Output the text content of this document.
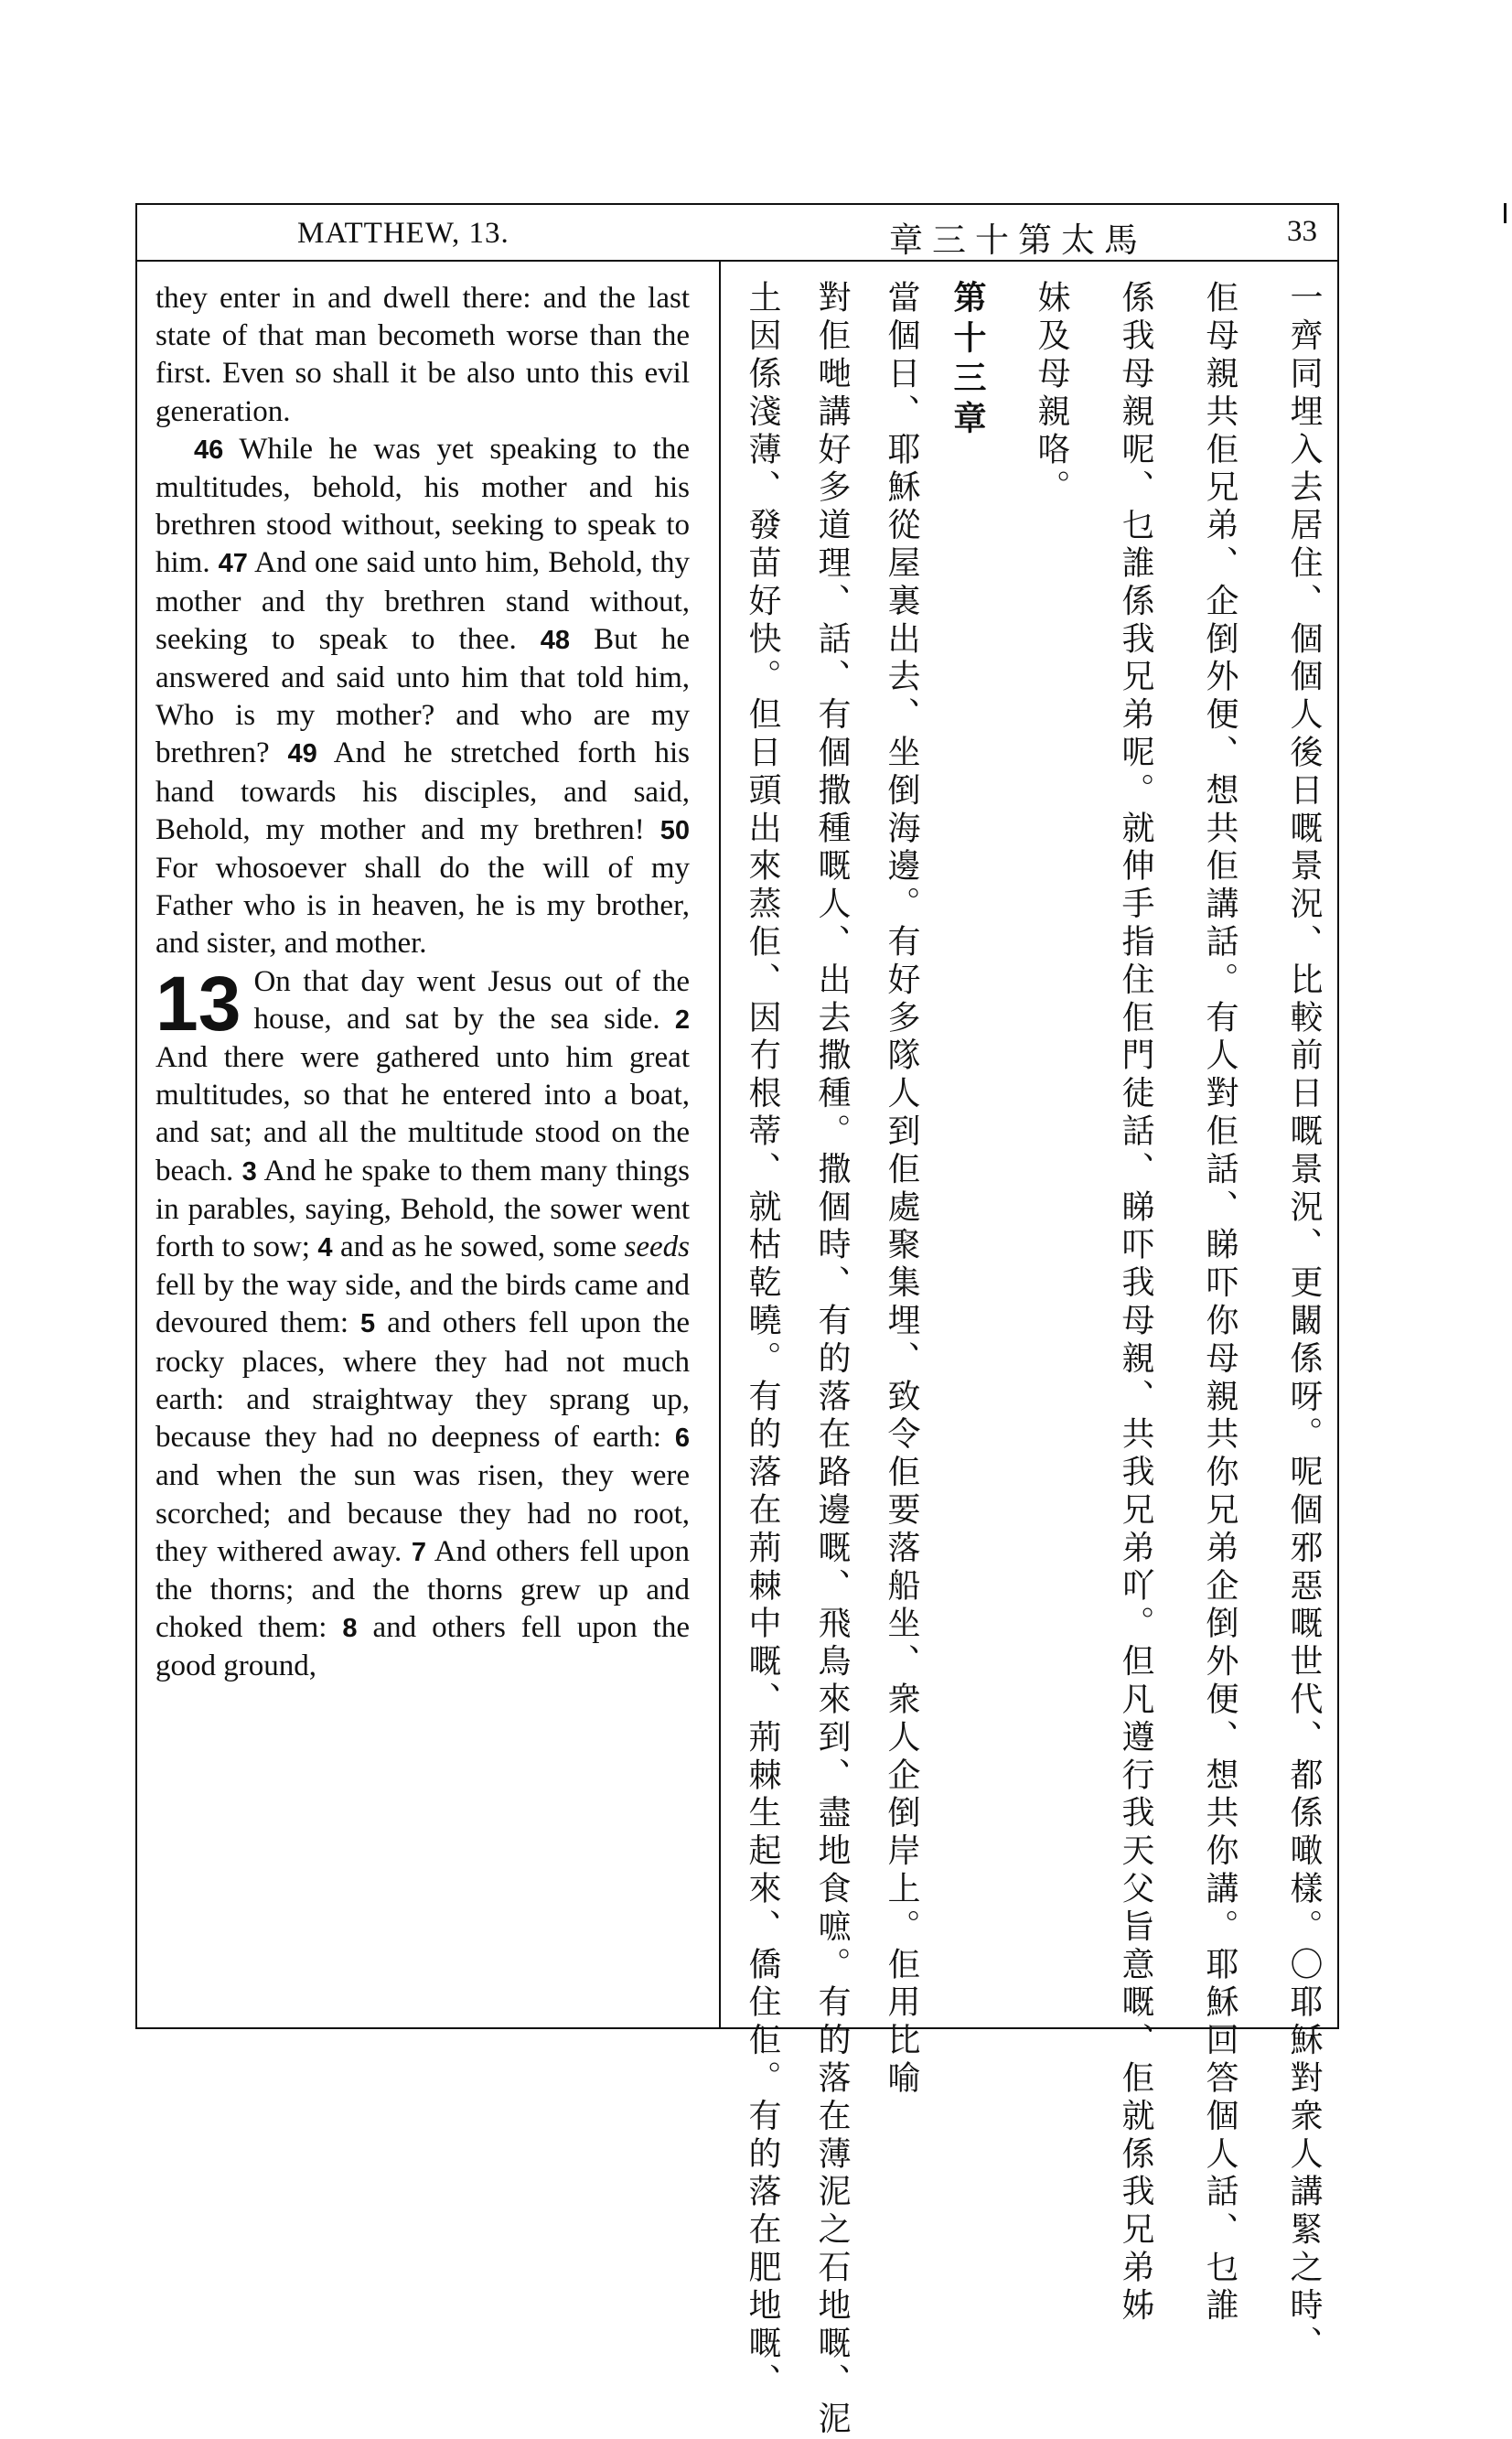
MATTHEW, 13.	章三十第太馬	33

they enter in and dwell there: and the last state of that man becometh worse than the first. Even so shall it be also unto this evil generation.

46 While he was yet speaking to the multitudes, behold, his mother and his brethren stood without, seeking to speak to him. 47 And one said unto him, Behold, thy mother and thy brethren stand without, seeking to speak to thee. 48 But he answered and said unto him that told him, Who is my mother? and who are my brethren? 49 And he stretched forth his hand towards his disciples, and said, Behold, my mother and my brethren! 50 For whosoever shall do the will of my Father who is in heaven, he is my brother, and sister, and mother.

13 On that day went Jesus out of the house, and sat by the sea side. 2 And there were gathered unto him great multitudes, so that he entered into a boat, and sat; and all the multitude stood on the beach. 3 And he spake to them many things in parables, saying, Behold, the sower went forth to sow; 4 and as he sowed, some seeds fell by the way side, and the birds came and devoured them: 5 and others fell upon the rocky places, where they had not much earth: and straightway they sprang up, because they had no deepness of earth: 6 and when the sun was risen, they were scorched; and because they had no root, they withered away. 7 And others fell upon the thorns; and the thorns grew up and choked them: 8 and others fell upon the good ground,	一齊同埋入去居住、個個人後日嘅景況、比較前日嘅景況、更闞係呀。呢個邪惡嘅世代、都係噉樣。〇耶穌對衆人講緊之時、
佢母親共佢兄弟、企倒外便、想共佢講話。有人對佢話、睇吓你母親共你兄弟企倒外便、想共你講。耶穌回答個人話、乜誰
係我母親呢、乜誰係我兄弟呢。就伸手指住佢門徒話、睇吓我母親、共我兄弟吖。但凡遵行我天父旨意嘅、佢就係我兄弟姊
妹及母親咯。
第十三章
當個日、耶穌從屋裏出去、坐倒海邊。有好多隊人到佢處聚集埋、致令佢要落船坐、衆人企倒岸上。佢用比喻
對佢哋講好多道理、話、有個撒種嘅人、出去撒種。撒個時、有的落在路邊嘅、飛鳥來到、盡地食嗻。有的落在薄泥之石地嘅、泥
土因係淺薄、發苗好快。但日頭出來蒸佢、因冇根蒂、就枯乾曉。有的落在荊棘中嘅、荊棘生起來、僑住佢。有的落在肥地嘅、
